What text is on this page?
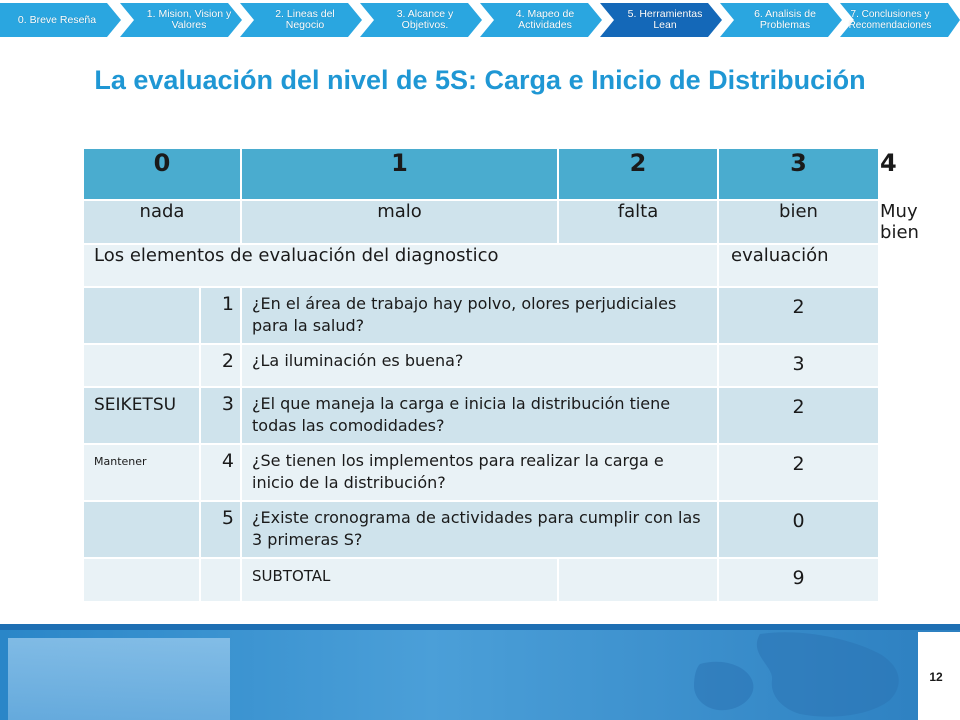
0. Breve Reseña	1. Mision, Vision y Valores
2. Lineas del Negocio
3. Alcance y Objetivos.
4. Mapeo de Actividades
5. Herramientas Lean
6. Analisis de Problemas
7. Conclusiones y Recomendaciones
La evaluación del nivel de 5S: Carga e Inicio de Distribución
0		1	2	3	4
nada		malo	falta	bien	Muy bien
Los elementos de evaluación del diagnostico				evaluación	
	1	¿En el área de trabajo hay polvo, olores perjudiciales para la salud?		2	
	2	¿La iluminación es buena?		3	
SEIKETSU	3	¿El que maneja la carga e inicia la distribución tiene todas las comodidades?		2	
Mantener	4	¿Se tienen los implementos para realizar la carga e inicio de la distribución?		2	
	5	¿Existe cronograma de actividades para cumplir con las 3 primeras S?		0	
		SUBTOTAL		9	
12
